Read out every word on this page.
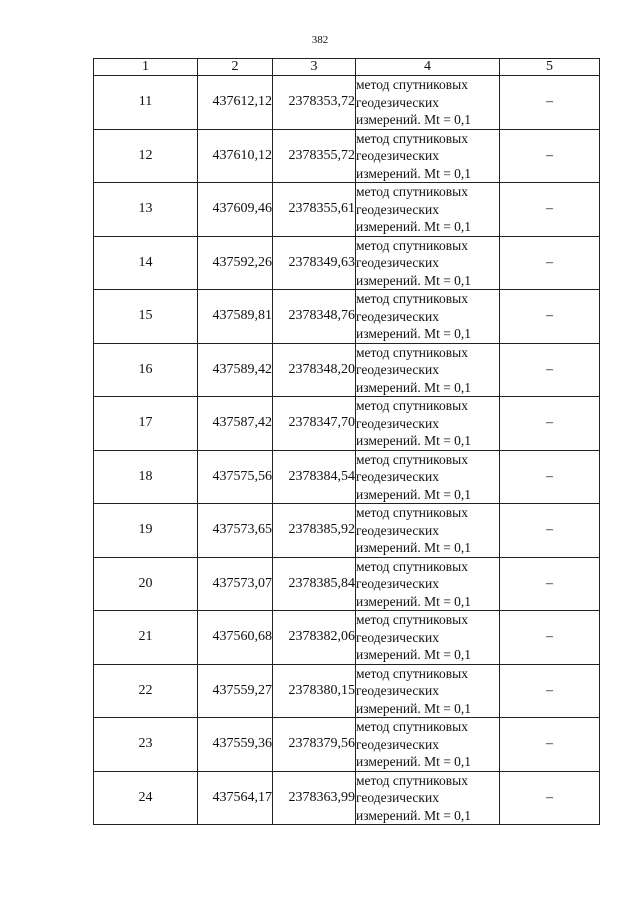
382
1	2	3	4	5
11	437612,12	2378353,72	метод спутниковых
геодезических
измерений. Mt = 0,1	–
12	437610,12	2378355,72	метод спутниковых
геодезических
измерений. Mt = 0,1	–
13	437609,46	2378355,61	метод спутниковых
геодезических
измерений. Mt = 0,1	–
14	437592,26	2378349,63	метод спутниковых
геодезических
измерений. Mt = 0,1	–
15	437589,81	2378348,76	метод спутниковых
геодезических
измерений. Mt = 0,1	–
16	437589,42	2378348,20	метод спутниковых
геодезических
измерений. Mt = 0,1	–
17	437587,42	2378347,70	метод спутниковых
геодезических
измерений. Mt = 0,1	–
18	437575,56	2378384,54	метод спутниковых
геодезических
измерений. Mt = 0,1	–
19	437573,65	2378385,92	метод спутниковых
геодезических
измерений. Mt = 0,1	–
20	437573,07	2378385,84	метод спутниковых
геодезических
измерений. Mt = 0,1	–
21	437560,68	2378382,06	метод спутниковых
геодезических
измерений. Mt = 0,1	–
22	437559,27	2378380,15	метод спутниковых
геодезических
измерений. Mt = 0,1	–
23	437559,36	2378379,56	метод спутниковых
геодезических
измерений. Mt = 0,1	–
24	437564,17	2378363,99	метод спутниковых
геодезических
измерений. Mt = 0,1	–
